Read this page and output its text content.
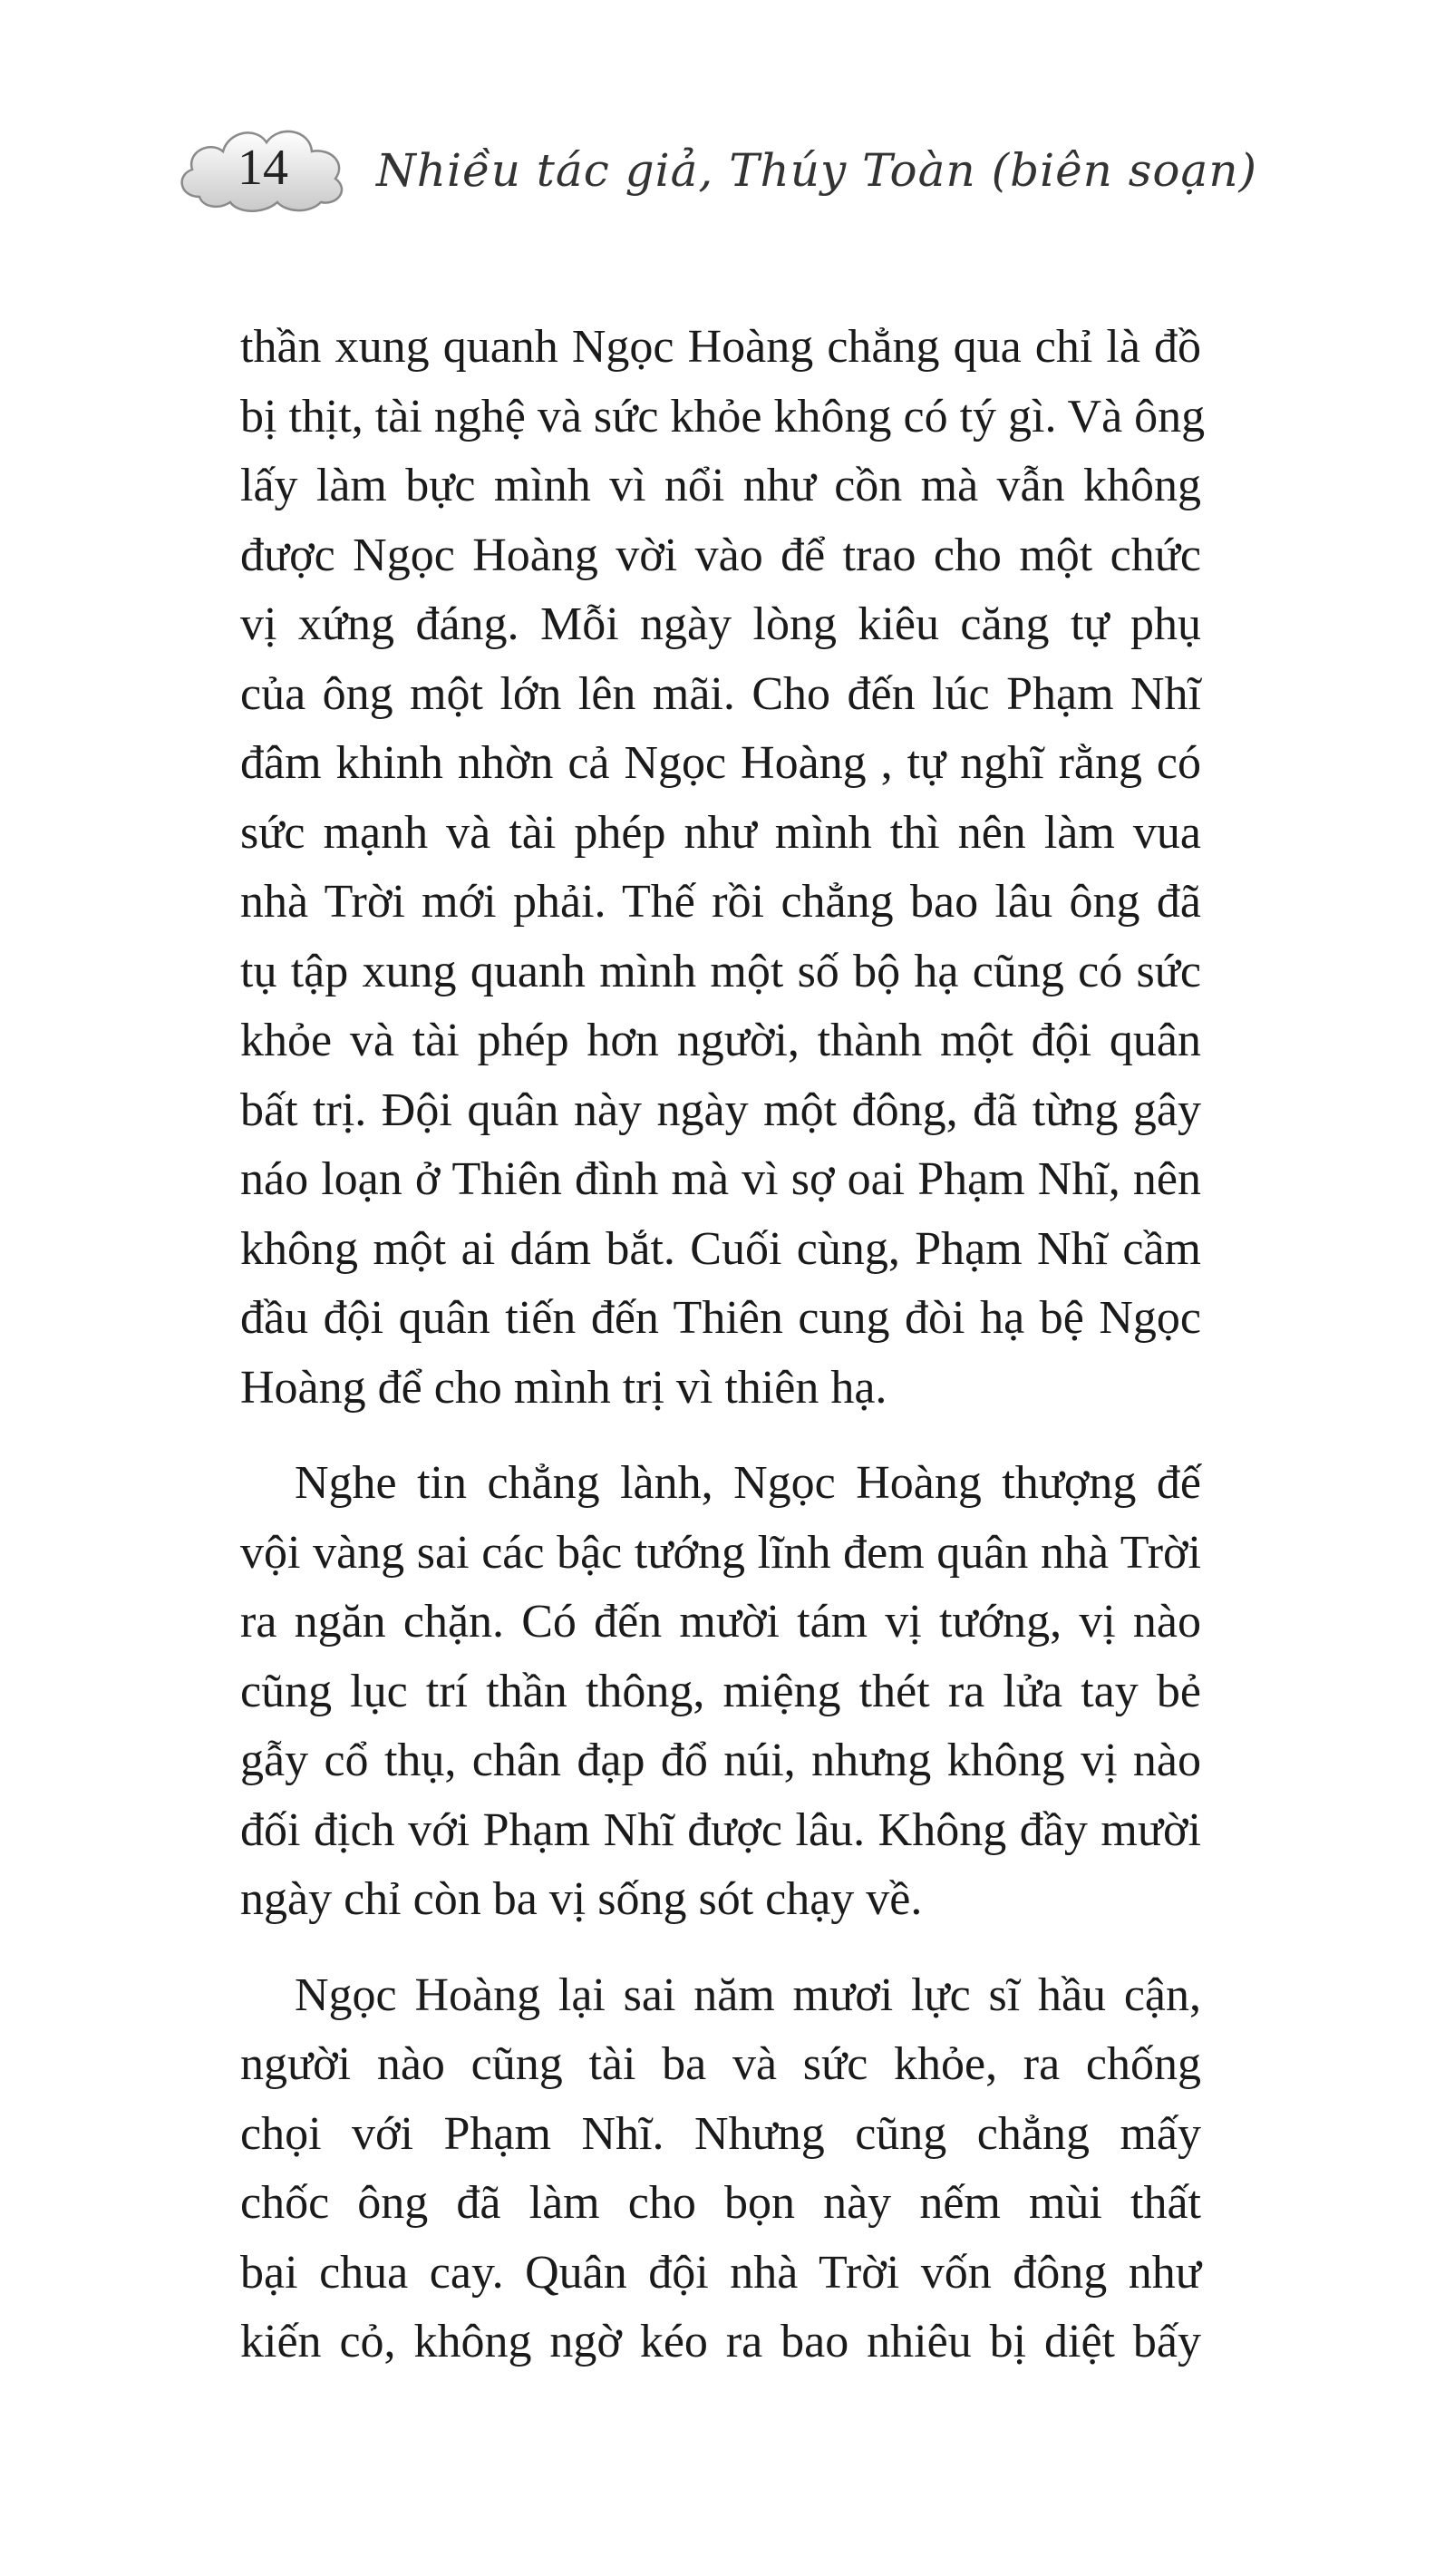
14	Nhiều tác giả, Thúy Toàn (biên soạn)

thần xung quanh Ngọc Hoàng chẳng qua chỉ là đồ
bị thịt, tài nghệ và sức khỏe không có tý gì. Và ông
lấy làm bực mình vì nổi như cồn mà vẫn không
được Ngọc Hoàng vời vào để trao cho một chức
vị xứng đáng. Mỗi ngày lòng kiêu căng tự phụ
của ông một lớn lên mãi. Cho đến lúc Phạm Nhĩ
đâm khinh nhờn cả Ngọc Hoàng , tự nghĩ rằng có
sức mạnh và tài phép như mình thì nên làm vua
nhà Trời mới phải. Thế rồi chẳng bao lâu ông đã
tụ tập xung quanh mình một số bộ hạ cũng có sức
khỏe và tài phép hơn người, thành một đội quân
bất trị. Đội quân này ngày một đông, đã từng gây
náo loạn ở Thiên đình mà vì sợ oai Phạm Nhĩ, nên
không một ai dám bắt. Cuối cùng, Phạm Nhĩ cầm
đầu đội quân tiến đến Thiên cung đòi hạ bệ Ngọc
Hoàng để cho mình trị vì thiên hạ.

Nghe tin chẳng lành, Ngọc Hoàng thượng đế
vội vàng sai các bậc tướng lĩnh đem quân nhà Trời
ra ngăn chặn. Có đến mười tám vị tướng, vị nào
cũng lục trí thần thông, miệng thét ra lửa tay bẻ
gẫy cổ thụ, chân đạp đổ núi, nhưng không vị nào
đối địch với Phạm Nhĩ được lâu. Không đầy mười
ngày chỉ còn ba vị sống sót chạy về.

Ngọc Hoàng lại sai năm mươi lực sĩ hầu cận,
người nào cũng tài ba và sức khỏe, ra chống
chọi với Phạm Nhĩ. Nhưng cũng chẳng mấy
chốc ông đã làm cho bọn này nếm mùi thất
bại chua cay. Quân đội nhà Trời vốn đông như
kiến cỏ, không ngờ kéo ra bao nhiêu bị diệt bấy
